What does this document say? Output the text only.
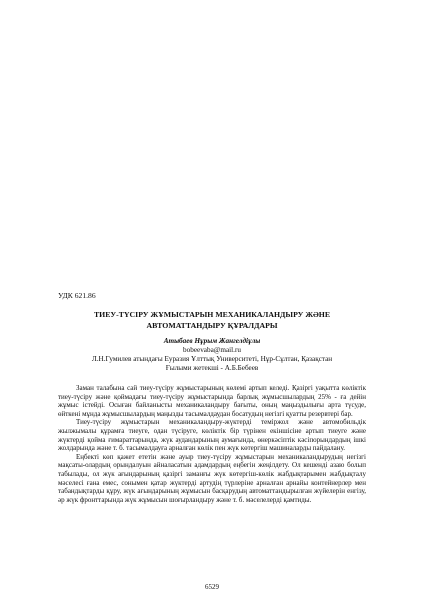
УДК 621.86
ТИЕУ-ТҮСІРУ ЖҰМЫСТАРЫН МЕХАНИКАЛАНДЫРУ ЖӘНЕ
АВТОМАТТАНДЫРУ ҚҰРАЛДАРЫ
Атыбаев Нұрым Жангелдіұлы
bobeevaba@mail.ru
Л.Н.Гумилев атындағы Еуразия Ұлттық Университеті, Нұр-Сұлтан, Қазақстан
Ғылыми жетекші - А.Б.Бебеев

Заман талабына сай тиеу-түсіру жұмыстарының көлемі артып келеді. Қазіргі уақытта көліктік тиеу-түсіру және қоймадағы тиеу-түсіру жұмыстарында барлық жұмысшылардың 25% - ға дейін жұмыс істейді. Осыған байланысты механикаландыру бағыты, оның маңыздылығы арта түсуде, өйткені мұнда жұмысшылардың маңызды тасымалдаудан босатудың негізгі қуатты резервтері бар.

Тиеу-түсіру жұмыстарын механикаландыру-жүктерді теміржол және автомобильдік жылжымалы құрамға тиеуге, одан түсіруге, көліктік бір түрінен екіншісіне артып тиеуге және жүктерді қойма ғимараттарында, жүк аудандарының аумағында, өнеркәсіптік кәсіпорындардың ішкі жолдарында және т. б. тасымалдауға арналған көлік пен жүк көтергіш машиналарды пайдалану.

Еңбекті көп қажет ететін және ауыр тиеу-түсіру жұмыстарын механикаландырудың негізгі мақсаты-олардың орындалуын айналасатын адамдардың еңбегін жеңілдету. Ол кешенді азаю болып табылады, ол жүк ағындарының қазіргі заманғы жүк көтергіш-көлік жабдықтарымен жабдықталу мәселесі ғана емес, сонымен қатар жүктерді артудің түрлеріне арналған арнайы контейнерлер мен табандықтарды құру, жүк ағындарының жұмысын басқарудың автоматтандырылған жүйелерін енгізу, әр жүк фронттарында жүк жұмысын шоғырландыру және т. б. мәселелерді қамтиды.

6529
